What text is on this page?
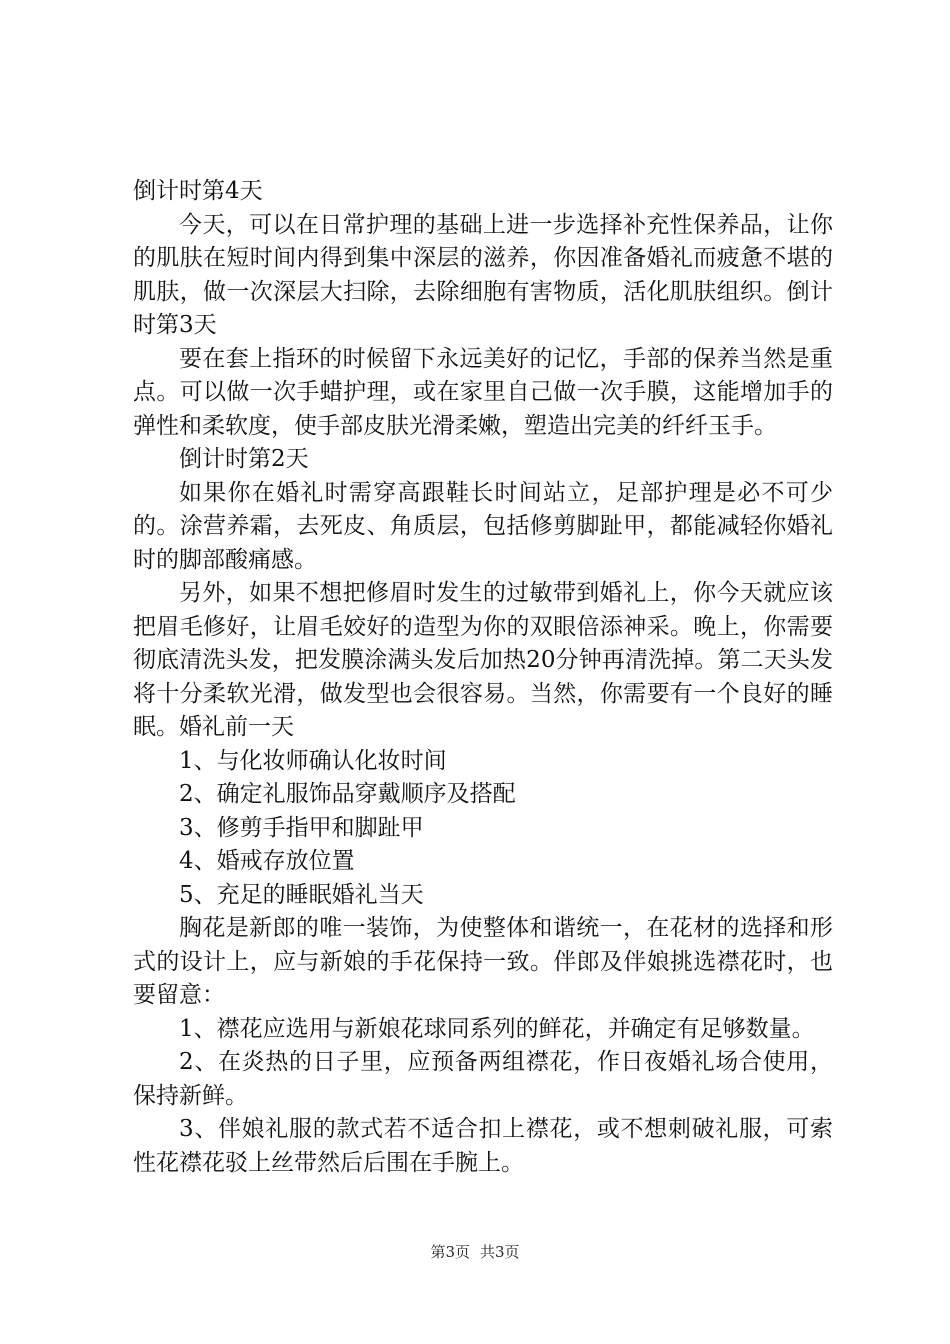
倒计时第4天

今天，可以在日常护理的基础上进一步选择补充性保养品，让你的肌肤在短时间内得到集中深层的滋养，你因准备婚礼而疲惫不堪的肌肤，做一次深层大扫除，去除细胞有害物质，活化肌肤组织。倒计时第3天

要在套上指环的时候留下永远美好的记忆，手部的保养当然是重点。可以做一次手蜡护理，或在家里自己做一次手膜，这能增加手的弹性和柔软度，使手部皮肤光滑柔嫩，塑造出完美的纤纤玉手。

倒计时第2天

如果你在婚礼时需穿高跟鞋长时间站立，足部护理是必不可少的。涂营养霜，去死皮、角质层，包括修剪脚趾甲，都能减轻你婚礼时的脚部酸痛感。

另外，如果不想把修眉时发生的过敏带到婚礼上，你今天就应该把眉毛修好，让眉毛姣好的造型为你的双眼倍添神采。晚上，你需要彻底清洗头发，把发膜涂满头发后加热20分钟再清洗掉。第二天头发将十分柔软光滑，做发型也会很容易。当然，你需要有一个良好的睡眠。婚礼前一天

1、与化妆师确认化妆时间

2、确定礼服饰品穿戴顺序及搭配

3、修剪手指甲和脚趾甲

4、婚戒存放位置

5、充足的睡眠婚礼当天

胸花是新郎的唯一装饰，为使整体和谐统一，在花材的选择和形式的设计上，应与新娘的手花保持一致。伴郎及伴娘挑选襟花时，也要留意：

1、襟花应选用与新娘花球同系列的鲜花，并确定有足够数量。

2、在炎热的日子里，应预备两组襟花，作日夜婚礼场合使用，保持新鲜。

3、伴娘礼服的款式若不适合扣上襟花，或不想刺破礼服，可索性花襟花驳上丝带然后后围在手腕上。

第3页 共3页
